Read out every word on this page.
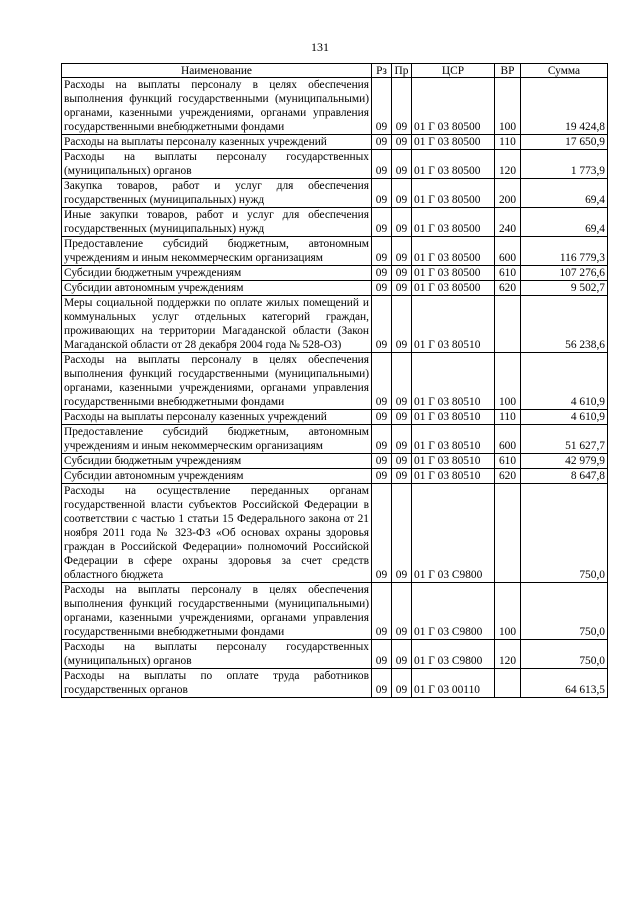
131
Наименование	Рз	Пр	ЦСР	ВР	Сумма
Расходы на выплаты персоналу в целях обеспечения выполнения функций государственными (муниципальными) органами, казенными учреждениями, органами управления государственными внебюджетными фондами	09	09	01 Г 03 80500	100	19 424,8
Расходы на выплаты персоналу казенных учреждений	09	09	01 Г 03 80500	110	17 650,9
Расходы на выплаты персоналу государственных (муниципальных) органов	09	09	01 Г 03 80500	120	1 773,9
Закупка товаров, работ и услуг для обеспечения государственных (муниципальных) нужд	09	09	01 Г 03 80500	200	69,4
Иные закупки товаров, работ и услуг для обеспечения государственных (муниципальных) нужд	09	09	01 Г 03 80500	240	69,4
Предоставление субсидий бюджетным, автономным учреждениям и иным некоммерческим организациям	09	09	01 Г 03 80500	600	116 779,3
Субсидии бюджетным учреждениям	09	09	01 Г 03 80500	610	107 276,6
Субсидии автономным учреждениям	09	09	01 Г 03 80500	620	9 502,7
Меры социальной поддержки по оплате жилых помещений и коммунальных услуг отдельных категорий граждан, проживающих на территории Магаданской области (Закон Магаданской области от 28 декабря 2004 года № 528-ОЗ)	09	09	01 Г 03 80510		56 238,6
Расходы на выплаты персоналу в целях обеспечения выполнения функций государственными (муниципальными) органами, казенными учреждениями, органами управления государственными внебюджетными фондами	09	09	01 Г 03 80510	100	4 610,9
Расходы на выплаты персоналу казенных учреждений	09	09	01 Г 03 80510	110	4 610,9
Предоставление субсидий бюджетным, автономным учреждениям и иным некоммерческим организациям	09	09	01 Г 03 80510	600	51 627,7
Субсидии бюджетным учреждениям	09	09	01 Г 03 80510	610	42 979,9
Субсидии автономным учреждениям	09	09	01 Г 03 80510	620	8 647,8
Расходы на осуществление переданных органам государственной власти субъектов Российской Федерации в соответствии с частью 1 статьи 15 Федерального закона от 21 ноября 2011 года № 323-ФЗ «Об основах охраны здоровья граждан в Российской Федерации» полномочий Российской Федерации в сфере охраны здоровья за счет средств областного бюджета	09	09	01 Г 03 С9800		750,0
Расходы на выплаты персоналу в целях обеспечения выполнения функций государственными (муниципальными) органами, казенными учреждениями, органами управления государственными внебюджетными фондами	09	09	01 Г 03 С9800	100	750,0
Расходы на выплаты персоналу государственных (муниципальных) органов	09	09	01 Г 03 С9800	120	750,0
Расходы на выплаты по оплате труда работников государственных органов	09	09	01 Г 03 00110		64 613,5
